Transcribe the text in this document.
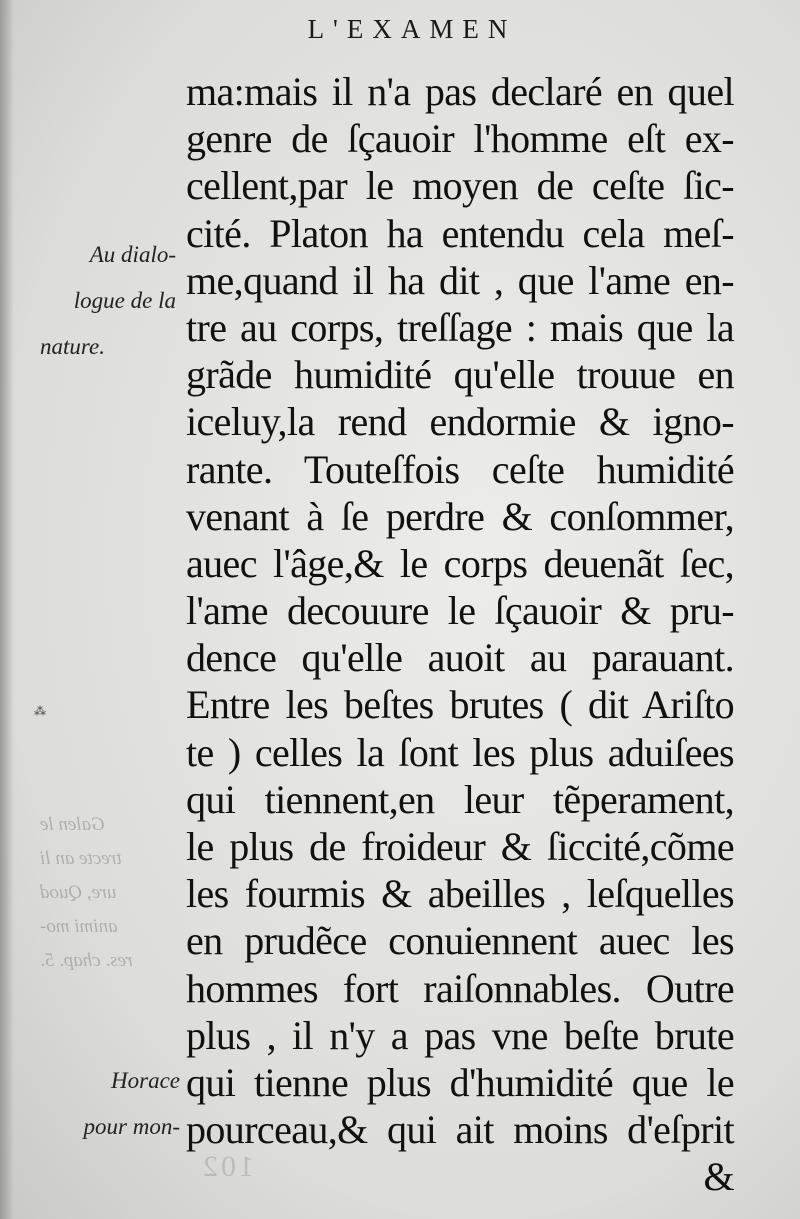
L'EXAMEN
Galen le
trecte an li
ure, Quod
animi mo-
res. chap. 5.
102
Au dialo-
logue de la
nature.
Horace
pour mon-
⁂
ma:mais il n'a pas declaré en quel
genre de ſçauoir l'homme eſt ex-
cellent,par le moyen de ceſte ſic-
cité. Platon ha entendu cela meſ-
me,quand il ha dit , que l'ame en-
tre au corps, treſſage : mais que la
grãde humidité qu'elle trouue en
iceluy,la rend endormie & igno-
rante. Touteſfois ceſte humidité
venant à ſe perdre & conſommer,
auec l'âge,& le corps deuenãt ſec,
l'ame decouure le ſçauoir & pru-
dence qu'elle auoit au parauant.
Entre les beſtes brutes ( dit Ariſto
te ) celles la ſont les plus aduiſees
qui tiennent,en leur tẽperament,
le plus de froideur & ſiccité,cõme
les fourmis & abeilles , leſquelles
en prudẽce conuiennent auec les
hommes fort raiſonnables. Outre
plus , il n'y a pas vne beſte brute
qui tienne plus d'humidité que le
pourceau,& qui ait moins d'eſprit
&
